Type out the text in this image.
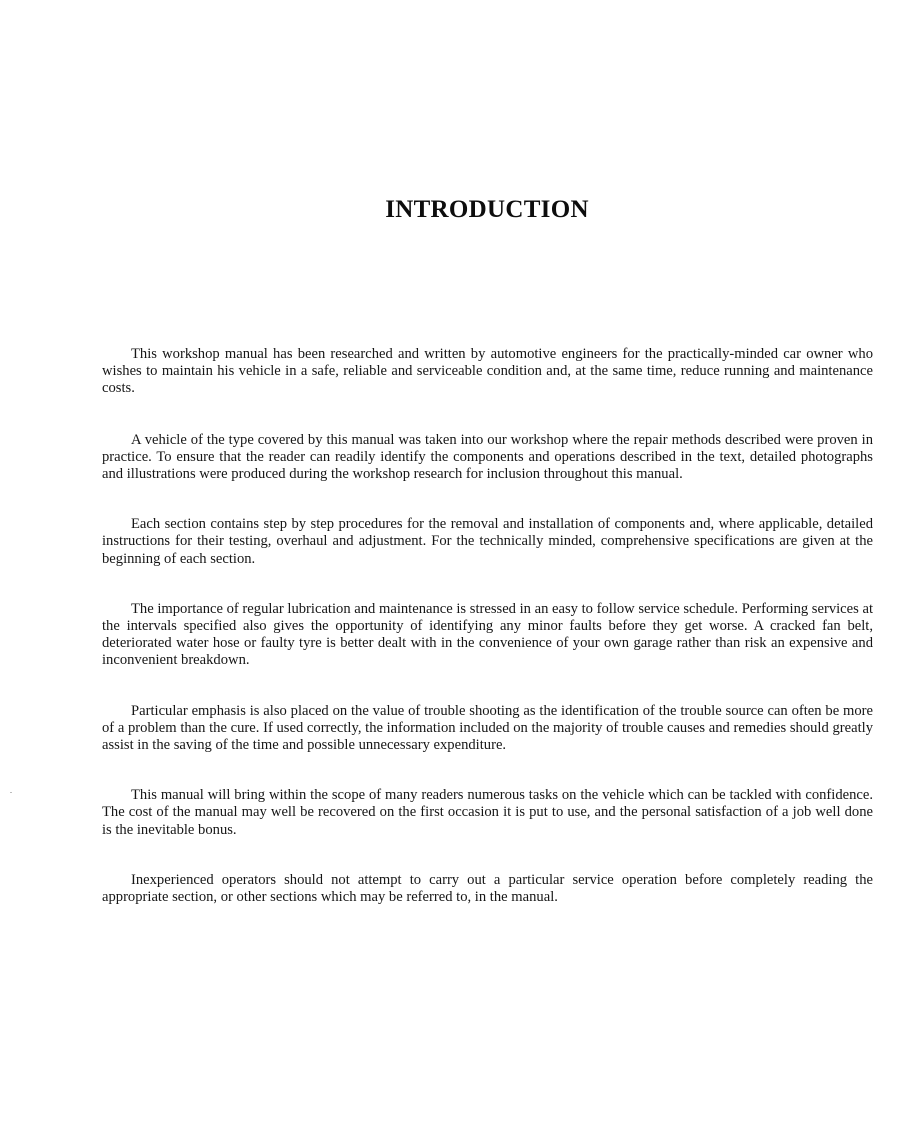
INTRODUCTION

This workshop manual has been researched and written by automotive engineers for the practically-minded car owner who wishes to maintain his vehicle in a safe, reliable and serviceable condition and, at the same time, reduce running and maintenance costs.

A vehicle of the type covered by this manual was taken into our workshop where the repair methods described were proven in practice. To ensure that the reader can readily identify the components and operations described in the text, detailed photographs and illustrations were produced during the workshop research for inclusion throughout this manual.

Each section contains step by step procedures for the removal and installation of components and, where applicable, detailed instructions for their testing, overhaul and adjustment. For the technically minded, comprehensive specifications are given at the beginning of each section.

The importance of regular lubrication and maintenance is stressed in an easy to follow service schedule. Performing services at the intervals specified also gives the opportunity of identifying any minor faults before they get worse. A cracked fan belt, deteriorated water hose or faulty tyre is better dealt with in the convenience of your own garage rather than risk an expensive and inconvenient breakdown.

Particular emphasis is also placed on the value of trouble shooting as the identification of the trouble source can often be more of a problem than the cure. If used correctly, the information included on the majority of trouble causes and remedies should greatly assist in the saving of the time and possible unnecessary expenditure.

This manual will bring within the scope of many readers numerous tasks on the vehicle which can be tackled with confidence. The cost of the manual may well be recovered on the first occasion it is put to use, and the personal satisfaction of a job well done is the inevitable bonus.

Inexperienced operators should not attempt to carry out a particular service operation before completely reading the appropriate section, or other sections which may be referred to, in the manual.
